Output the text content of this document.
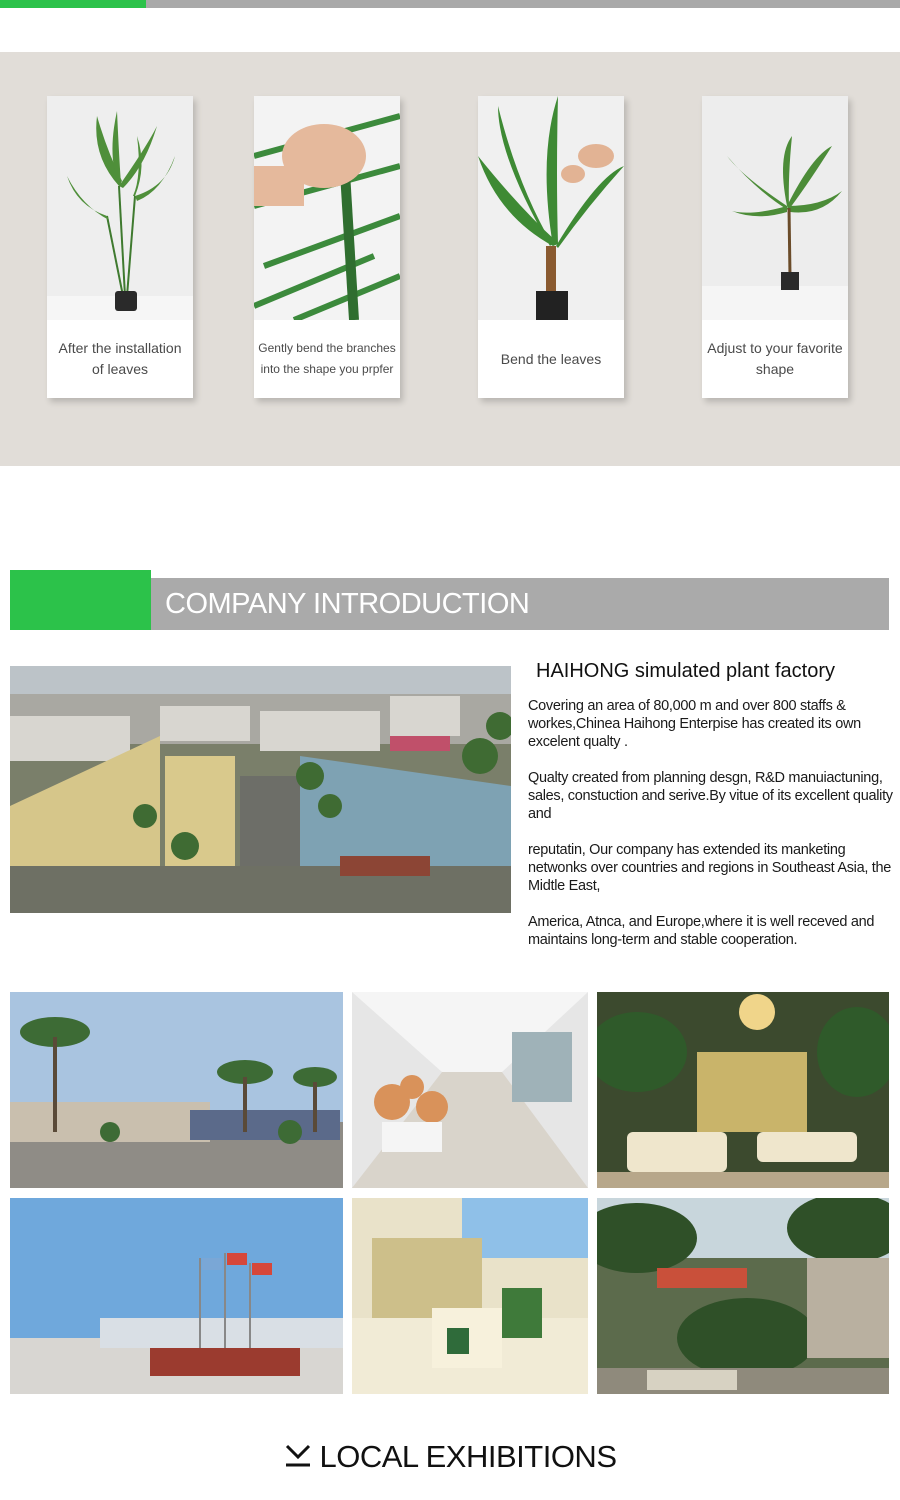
After the installation of leaves
Gently bend the branches into the shape you prpfer
Bend the leaves
Adjust to your favorite shape
COMPANY INTRODUCTION
HAIHONG simulated plant factory

Covering an area of 80,000 m and over 800 staffs & workes,Chinea Haihong Enterpise has created its own excelent qualty .

Qualty created from planning desgn, R&D manuiactuning, sales, constuction and serive.By vitue of its excellent quality and

reputatin, Our company has extended its manketing netwonks over countries and regions in Southeast Asia, the Midtle East,

America, Atnca, and Europe,where it is well receved and maintains long-term and stable cooperation.

LOCAL EXHIBITIONS
